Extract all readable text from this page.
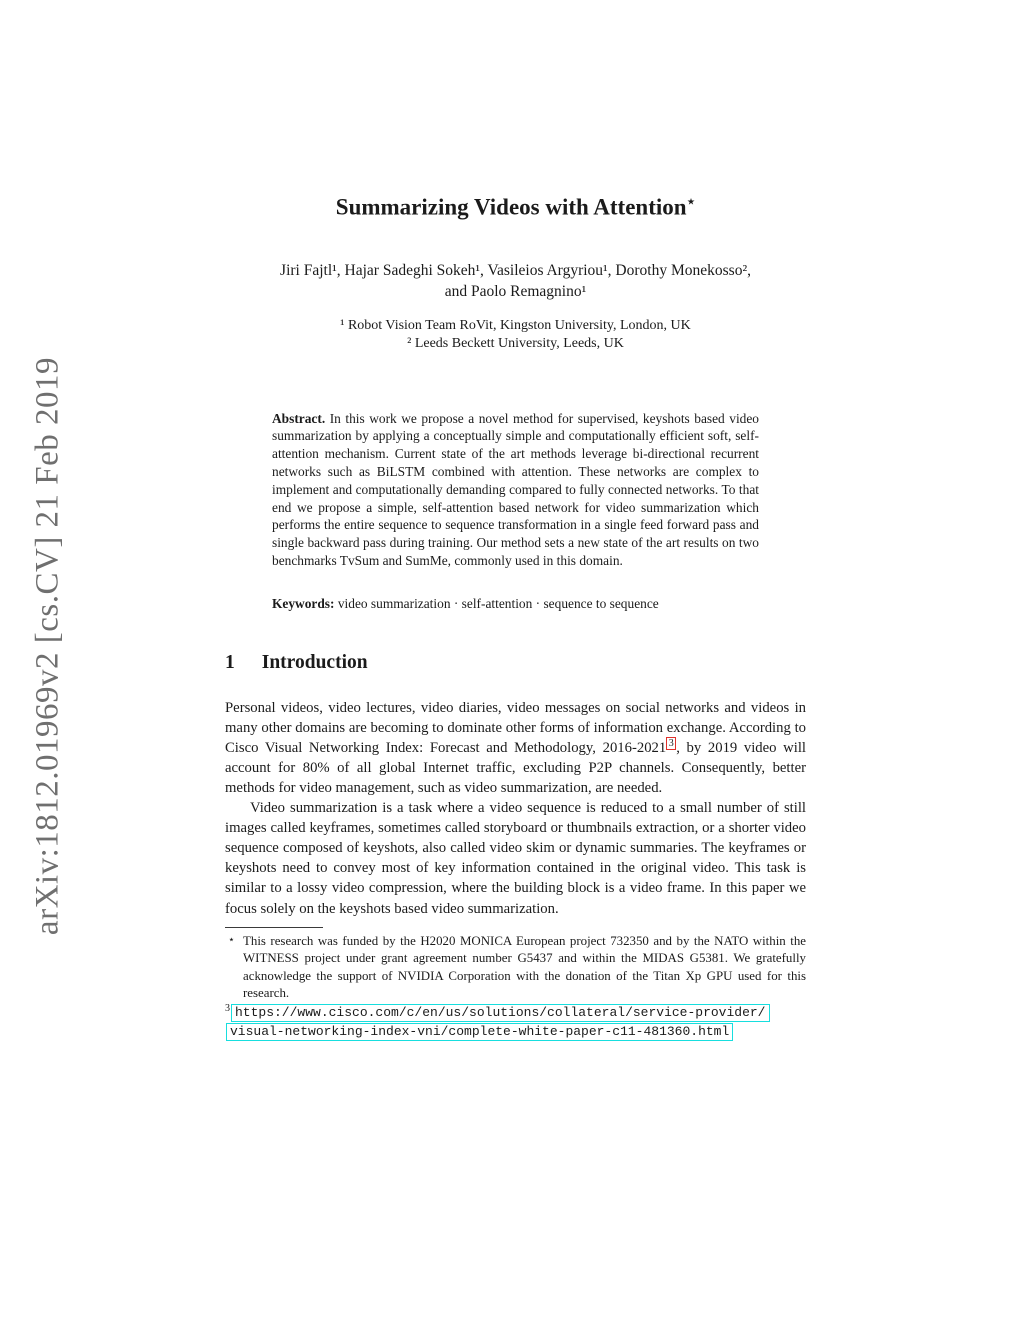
arXiv:1812.01969v2 [cs.CV] 21 Feb 2019
Summarizing Videos with Attention⋆

Jiri Fajtl¹, Hajar Sadeghi Sokeh¹, Vasileios Argyriou¹, Dorothy Monekosso²,

and Paolo Remagnino¹

¹ Robot Vision Team RoVit, Kingston University, London, UK
² Leeds Beckett University, Leeds, UK

Abstract. In this work we propose a novel method for supervised, keyshots based video summarization by applying a conceptually simple and computationally efficient soft, self-attention mechanism. Current state of the art methods leverage bi-directional recurrent networks such as BiLSTM combined with attention. These networks are complex to implement and computationally demanding compared to fully connected networks. To that end we propose a simple, self-attention based network for video summarization which performs the entire sequence to sequence transformation in a single feed forward pass and single backward pass during training. Our method sets a new state of the art results on two benchmarks TvSum and SumMe, commonly used in this domain.

Keywords: video summarization · self-attention · sequence to sequence

1 Introduction

Personal videos, video lectures, video diaries, video messages on social networks and videos in many other domains are becoming to dominate other forms of information exchange. According to Cisco Visual Networking Index: Forecast and Methodology, 2016-2021 $^3$ , by 2019 video will account for 80% of all global Internet traffic, excluding P2P channels. Consequently, better methods for video management, such as video summarization, are needed.

Video summarization is a task where a video sequence is reduced to a small number of still images called keyframes, sometimes called storyboard or thumbnails extraction, or a shorter video sequence composed of keyshots, also called video skim or dynamic summaries. The keyframes or keyshots need to convey most of key information contained in the original video. This task is similar to a lossy video compression, where the building block is a video frame. In this paper we focus solely on the keyshots based video summarization.

⋆ This research was funded by the H2020 MONICA European project 732350 and by the NATO within the WITNESS project under grant agreement number G5437 and within the MIDAS G5381. We gratefully acknowledge the support of NVIDIA Corporation with the donation of the Titan Xp GPU used for this research.
$^3$ https://www.cisco.com/c/en/us/solutions/collateral/service-provider/
visual-networking-index-vni/complete-white-paper-c11-481360.html
